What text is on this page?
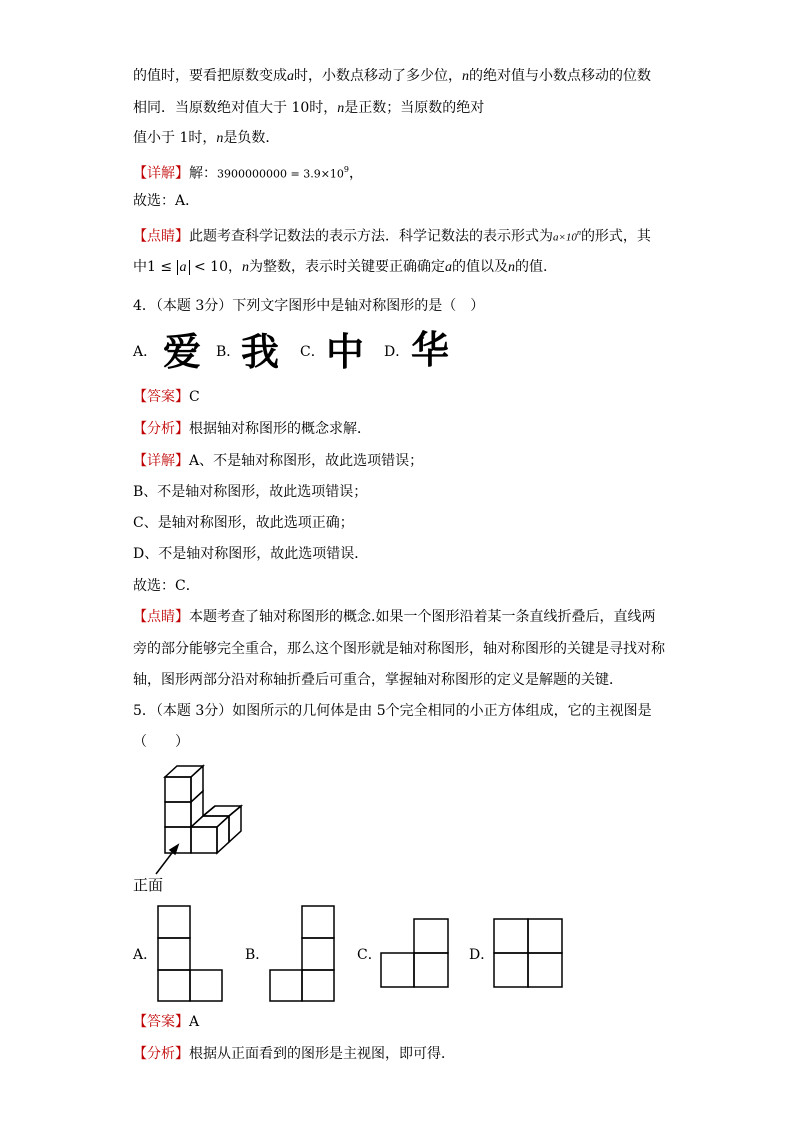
的值时，要看把原数变成a时，小数点移动了多少位，n的绝对值与小数点移动的位数
相同．当原数绝对值大于 10时，n是正数；当原数的绝对
值小于 1时，n是负数．
【详解】解：$3900000000 = 3.9\times 10^9$，
故选：A．
【点睛】此题考查科学记数法的表示方法．科学记数法的表示形式为$a\times 10^n$的形式，其
中1 ≤ a < 10，n为整数，表示时关键要正确确定a的值以及n的值.
4．（本题 3分）下列文字图形中是轴对称图形的是（　）
A． 爱 B． 我 C． 中 D． 华
【答案】C
【分析】根据轴对称图形的概念求解．
【详解】A、不是轴对称图形，故此选项错误；
B、不是轴对称图形，故此选项错误；
C、是轴对称图形，故此选项正确；
D、不是轴对称图形，故此选项错误．
故选：C．
【点睛】本题考查了轴对称图形的概念.如果一个图形沿着某一条直线折叠后，直线两
旁的部分能够完全重合，那么这个图形就是轴对称图形，轴对称图形的关键是寻找对称
轴，图形两部分沿对称轴折叠后可重合，掌握轴对称图形的定义是解题的关键．
5．（本题 3分）如图所示的几何体是由 5个完全相同的小正方体组成，它的主视图是
（　　）
正面
A．	B．	C．	D．
【答案】A
【分析】根据从正面看到的图形是主视图，即可得．
